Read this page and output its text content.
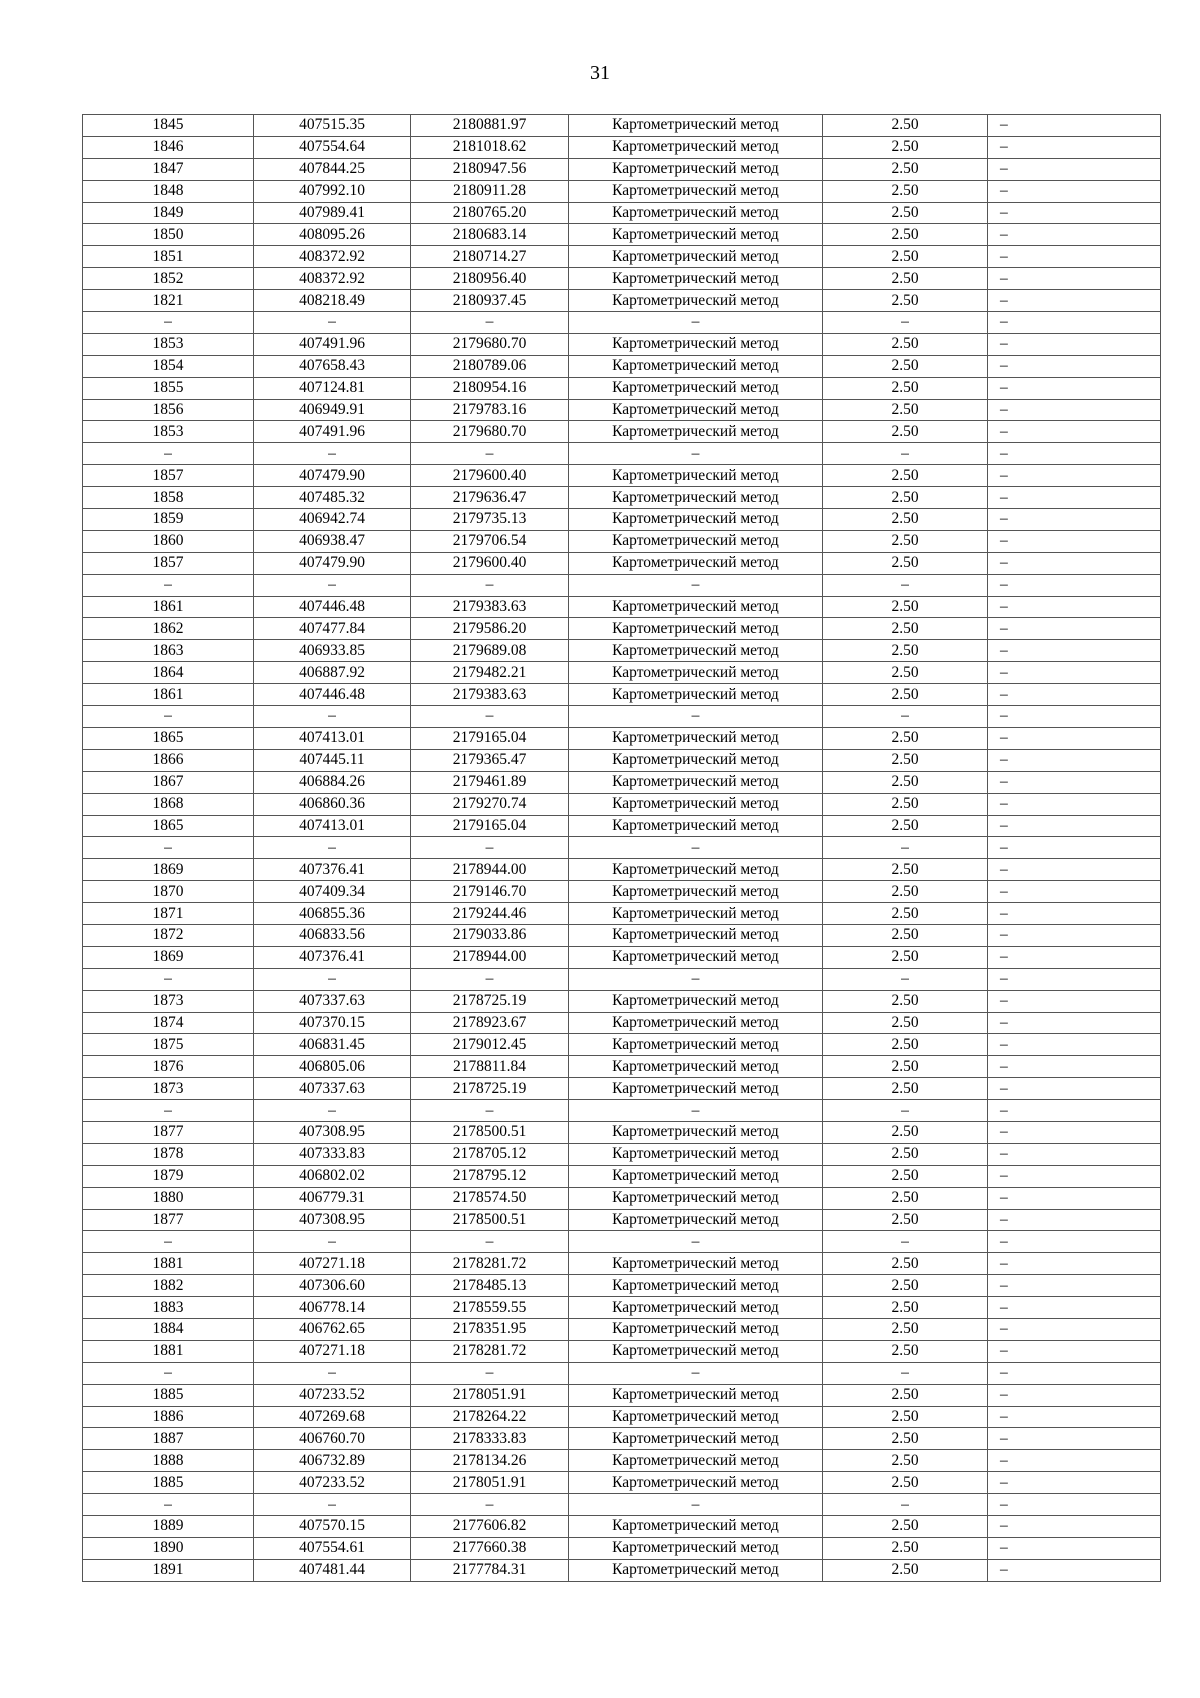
31
1845	407515.35	2180881.97	Картометрический метод	2.50	–
1846	407554.64	2181018.62	Картометрический метод	2.50	–
1847	407844.25	2180947.56	Картометрический метод	2.50	–
1848	407992.10	2180911.28	Картометрический метод	2.50	–
1849	407989.41	2180765.20	Картометрический метод	2.50	–
1850	408095.26	2180683.14	Картометрический метод	2.50	–
1851	408372.92	2180714.27	Картометрический метод	2.50	–
1852	408372.92	2180956.40	Картометрический метод	2.50	–
1821	408218.49	2180937.45	Картометрический метод	2.50	–
–	–	–	–	–	–
1853	407491.96	2179680.70	Картометрический метод	2.50	–
1854	407658.43	2180789.06	Картометрический метод	2.50	–
1855	407124.81	2180954.16	Картометрический метод	2.50	–
1856	406949.91	2179783.16	Картометрический метод	2.50	–
1853	407491.96	2179680.70	Картометрический метод	2.50	–
–	–	–	–	–	–
1857	407479.90	2179600.40	Картометрический метод	2.50	–
1858	407485.32	2179636.47	Картометрический метод	2.50	–
1859	406942.74	2179735.13	Картометрический метод	2.50	–
1860	406938.47	2179706.54	Картометрический метод	2.50	–
1857	407479.90	2179600.40	Картометрический метод	2.50	–
–	–	–	–	–	–
1861	407446.48	2179383.63	Картометрический метод	2.50	–
1862	407477.84	2179586.20	Картометрический метод	2.50	–
1863	406933.85	2179689.08	Картометрический метод	2.50	–
1864	406887.92	2179482.21	Картометрический метод	2.50	–
1861	407446.48	2179383.63	Картометрический метод	2.50	–
–	–	–	–	–	–
1865	407413.01	2179165.04	Картометрический метод	2.50	–
1866	407445.11	2179365.47	Картометрический метод	2.50	–
1867	406884.26	2179461.89	Картометрический метод	2.50	–
1868	406860.36	2179270.74	Картометрический метод	2.50	–
1865	407413.01	2179165.04	Картометрический метод	2.50	–
–	–	–	–	–	–
1869	407376.41	2178944.00	Картометрический метод	2.50	–
1870	407409.34	2179146.70	Картометрический метод	2.50	–
1871	406855.36	2179244.46	Картометрический метод	2.50	–
1872	406833.56	2179033.86	Картометрический метод	2.50	–
1869	407376.41	2178944.00	Картометрический метод	2.50	–
–	–	–	–	–	–
1873	407337.63	2178725.19	Картометрический метод	2.50	–
1874	407370.15	2178923.67	Картометрический метод	2.50	–
1875	406831.45	2179012.45	Картометрический метод	2.50	–
1876	406805.06	2178811.84	Картометрический метод	2.50	–
1873	407337.63	2178725.19	Картометрический метод	2.50	–
–	–	–	–	–	–
1877	407308.95	2178500.51	Картометрический метод	2.50	–
1878	407333.83	2178705.12	Картометрический метод	2.50	–
1879	406802.02	2178795.12	Картометрический метод	2.50	–
1880	406779.31	2178574.50	Картометрический метод	2.50	–
1877	407308.95	2178500.51	Картометрический метод	2.50	–
–	–	–	–	–	–
1881	407271.18	2178281.72	Картометрический метод	2.50	–
1882	407306.60	2178485.13	Картометрический метод	2.50	–
1883	406778.14	2178559.55	Картометрический метод	2.50	–
1884	406762.65	2178351.95	Картометрический метод	2.50	–
1881	407271.18	2178281.72	Картометрический метод	2.50	–
–	–	–	–	–	–
1885	407233.52	2178051.91	Картометрический метод	2.50	–
1886	407269.68	2178264.22	Картометрический метод	2.50	–
1887	406760.70	2178333.83	Картометрический метод	2.50	–
1888	406732.89	2178134.26	Картометрический метод	2.50	–
1885	407233.52	2178051.91	Картометрический метод	2.50	–
–	–	–	–	–	–
1889	407570.15	2177606.82	Картометрический метод	2.50	–
1890	407554.61	2177660.38	Картометрический метод	2.50	–
1891	407481.44	2177784.31	Картометрический метод	2.50	–
